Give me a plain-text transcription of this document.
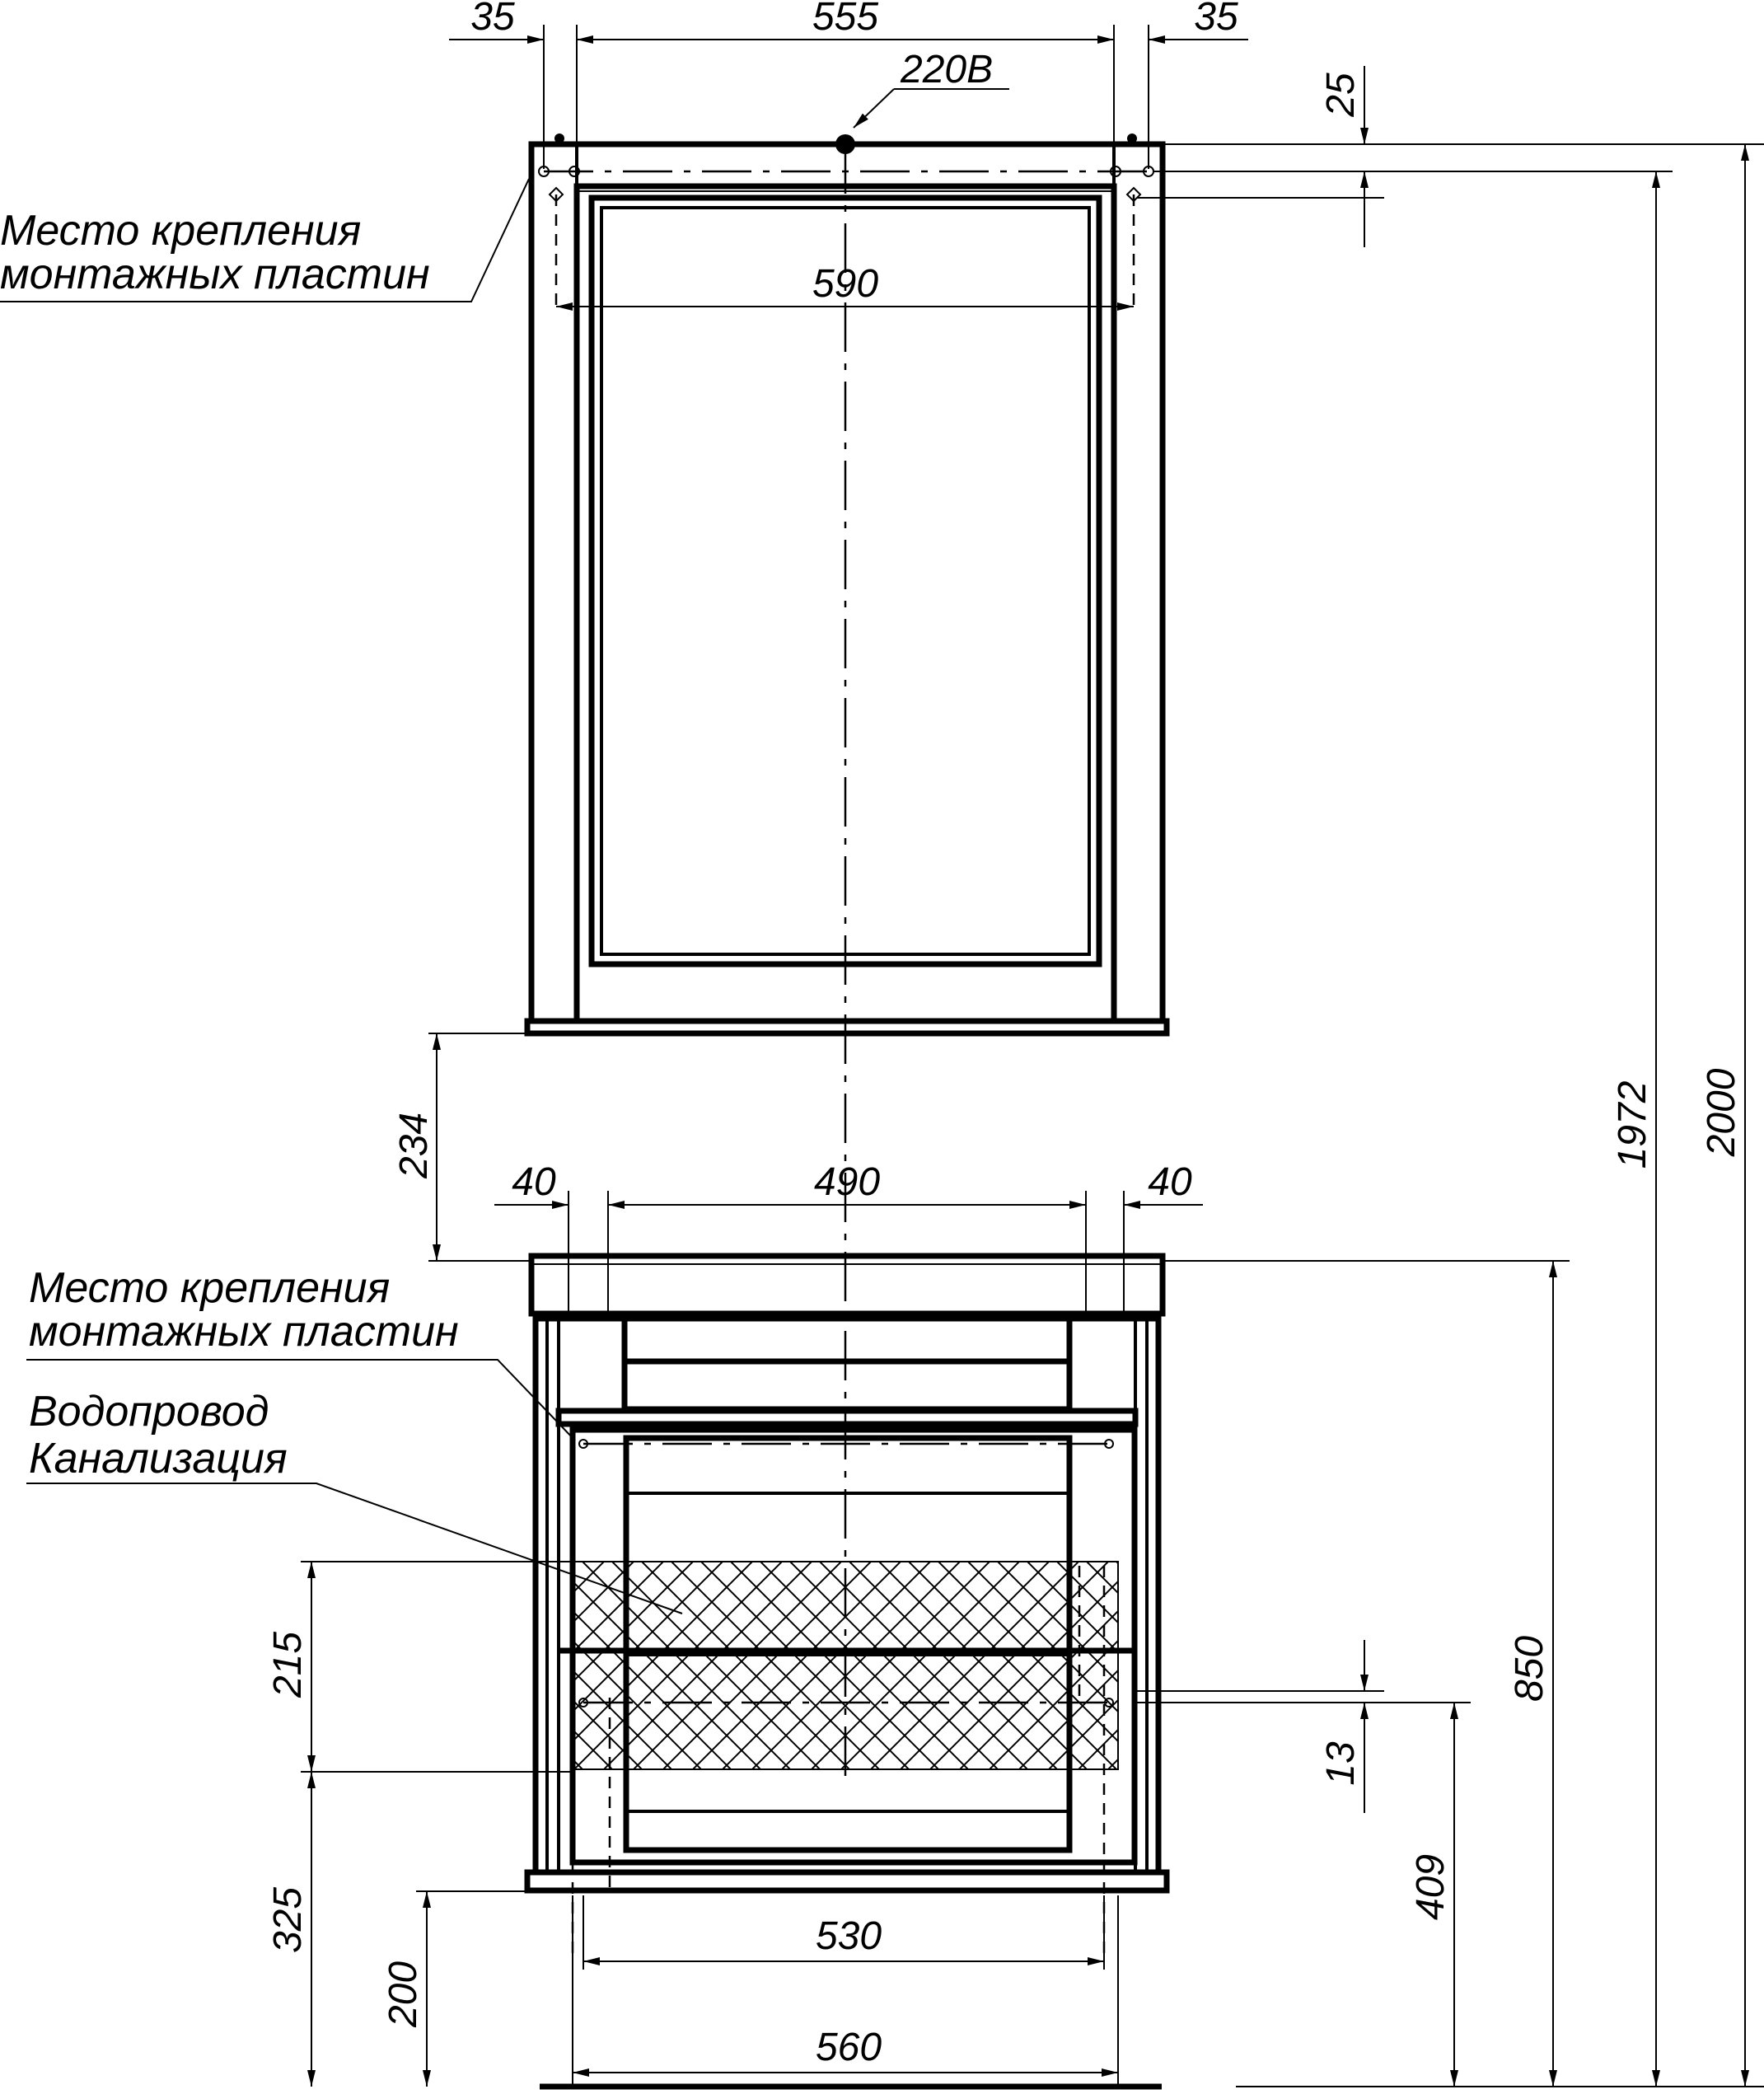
35	555	35
220В
590
25
Место крепления
монтажных пластин
2000
1972
234
40	490	40
Место крепления
монтажных пластин
Водопровод
Канализация
850
215
325
200
13
409
530
560
